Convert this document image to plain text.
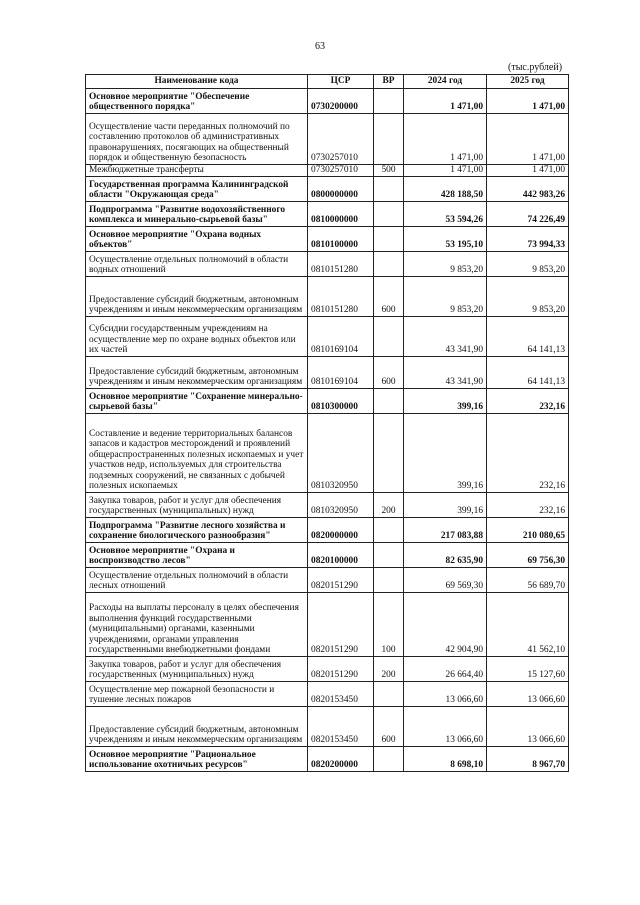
63
(тыс.рублей)
Наименование кода	ЦСР	ВР	2024 год	2025 год
Основное мероприятие "Обеспечение общественного порядка"	0730200000		1 471,00	1 471,00
Осуществление части переданных полномочий по составлению протоколов об административных правонарушениях, посягающих на общественный порядок и общественную безопасность	0730257010		1 471,00	1 471,00
Межбюджетные трансферты	0730257010	500	1 471,00	1 471,00
Государственная программа Калининградской области "Окружающая среда"	0800000000		428 188,50	442 983,26
Подпрограмма "Развитие водохозяйственного комплекса и минерально-сырьевой базы"	0810000000		53 594,26	74 226,49
Основное мероприятие "Охрана водных объектов"	0810100000		53 195,10	73 994,33
Осуществление отдельных полномочий в области водных отношений	0810151280		9 853,20	9 853,20
Предоставление субсидий бюджетным, автономным учреждениям и иным некоммерческим организациям	0810151280	600	9 853,20	9 853,20
Субсидии государственным учреждениям на осуществление мер по охране водных объектов или их частей	0810169104		43 341,90	64 141,13
Предоставление субсидий бюджетным, автономным учреждениям и иным некоммерческим организациям	0810169104	600	43 341,90	64 141,13
Основное мероприятие "Сохранение минерально-сырьевой базы"	0810300000		399,16	232,16
Составление и ведение территориальных балансов запасов и кадастров месторождений и проявлений общераспространенных полезных ископаемых и учет участков недр, используемых для строительства подземных сооружений, не связанных с добычей полезных ископаемых	0810320950		399,16	232,16
Закупка товаров, работ и услуг для обеспечения государственных (муниципальных) нужд	0810320950	200	399,16	232,16
Подпрограмма "Развитие лесного хозяйства и сохранение биологического разнообразия"	0820000000		217 083,88	210 080,65
Основное мероприятие "Охрана и воспроизводство лесов"	0820100000		82 635,90	69 756,30
Осуществление отдельных полномочий в области лесных отношений	0820151290		69 569,30	56 689,70
Расходы на выплаты персоналу в целях обеспечения выполнения функций государственными (муниципальными) органами, казенными учреждениями, органами управления государственными внебюджетными фондами	0820151290	100	42 904,90	41 562,10
Закупка товаров, работ и услуг для обеспечения государственных (муниципальных) нужд	0820151290	200	26 664,40	15 127,60
Осуществление мер пожарной безопасности и тушение лесных пожаров	0820153450		13 066,60	13 066,60
Предоставление субсидий бюджетным, автономным учреждениям и иным некоммерческим организациям	0820153450	600	13 066,60	13 066,60
Основное мероприятие "Рациональное использование охотничьих ресурсов"	0820200000		8 698,10	8 967,70
